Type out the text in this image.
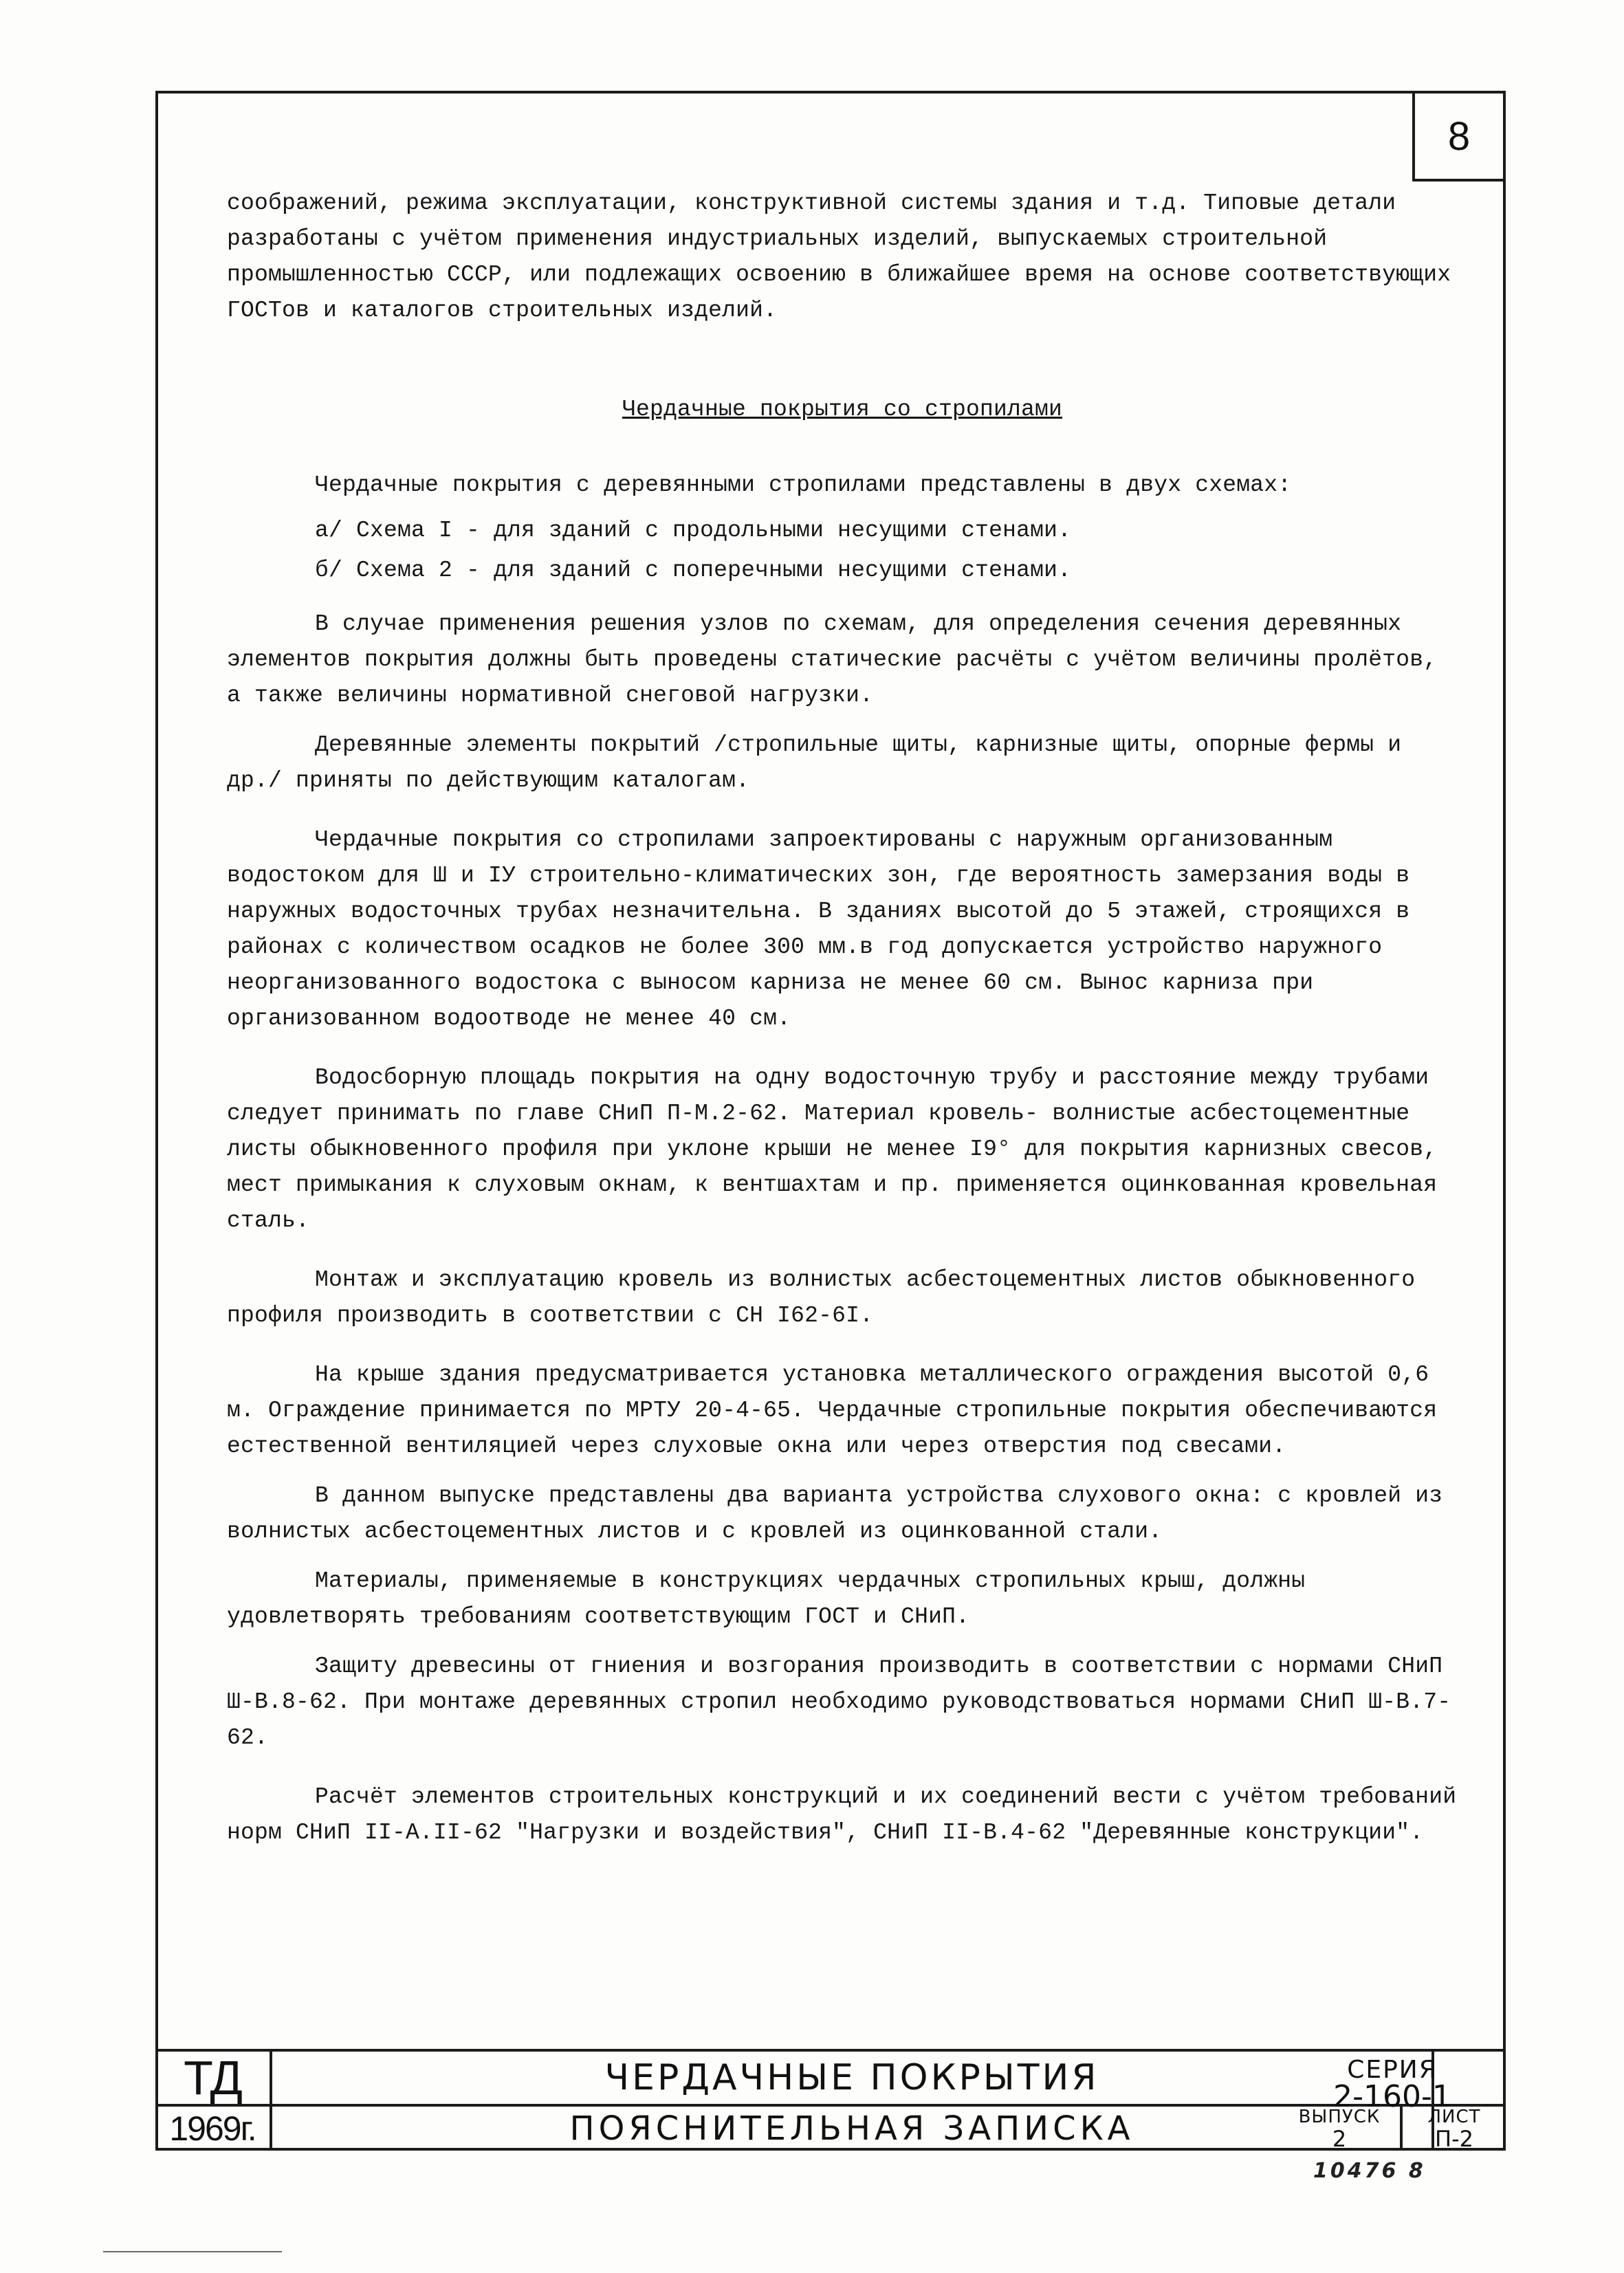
8

соображений, режима эксплуатации, конструктивной системы здания и т.д. Типовые детали разработаны с учётом применения индустриальных изделий, выпускаемых строительной промышленностью СССР, или подлежащих освоению в ближайшее время на основе соответствующих ГОСТов и каталогов строительных изделий.

Чердачные покрытия со стропилами

Чердачные покрытия с деревянными стропилами представлены в двух схемах:

а/ Схема I - для зданий с продольными несущими стенами.

б/ Схема 2 - для зданий с поперечными несущими стенами.

В случае применения решения узлов по схемам, для определения сечения деревянных элементов покрытия должны быть проведены статические расчёты с учётом величины пролётов, а также величины нормативной снеговой нагрузки.

Деревянные элементы покрытий /стропильные щиты, карнизные щиты, опорные фермы и др./ приняты по действующим каталогам.

Чердачные покрытия со стропилами запроектированы с наружным организованным водостоком для Ш и IУ строительно-климатических зон, где вероятность замерзания воды в наружных водосточных трубах незначительна. В зданиях высотой до 5 этажей, строящихся в районах с количеством осадков не более 300 мм.в год допускается устройство наружного неорганизованного водостока с выносом карниза не менее 60 см. Вынос карниза при организованном водоотводе не менее 40 см.

Водосборную площадь покрытия на одну водосточную трубу и расстояние между трубами следует принимать по главе СНиП П-М.2-62. Материал кровель- волнистые асбестоцементные листы обыкновенного профиля при уклоне крыши не менее I9° для покрытия карнизных свесов, мест примыкания к слуховым окнам, к вентшахтам и пр. применяется оцинкованная кровельная сталь.

Монтаж и эксплуатацию кровель из волнистых асбестоцементных листов обыкновенного профиля производить в соответствии с СН I62-6I.

На крыше здания предусматривается установка металлического ограждения высотой 0,6 м. Ограждение принимается по МРТУ 20-4-65. Чердачные стропильные покрытия обеспечиваются естественной вентиляцией через слуховые окна или через отверстия под свесами.

В данном выпуске представлены два варианта устройства слухового окна: с кровлей из волнистых асбестоцементных листов и с кровлей из оцинкованной стали.

Материалы, применяемые в конструкциях чердачных стропильных крыш, должны удовлетворять требованиям соответствующим ГОСТ и СНиП.

Защиту древесины от гниения и возгорания производить в соответствии с нормами СНиП Ш-В.8-62. При монтаже деревянных стропил необходимо руководствоваться нормами СНиП Ш-В.7-62.

Расчёт элементов строительных конструкций и их соединений вести с учётом требований норм СНиП II-А.II-62 "Нагрузки и воздействия", СНиП II-В.4-62 "Деревянные конструкции".

ТД	ЧЕРДАЧНЫЕ ПОКРЫТИЯ
1969г.	ПОЯСНИТЕЛЬНАЯ ЗАПИСКА
СЕРИЯ
2-160-1
ВЫПУСК
2
ЛИСТ
П-2
10476 8
